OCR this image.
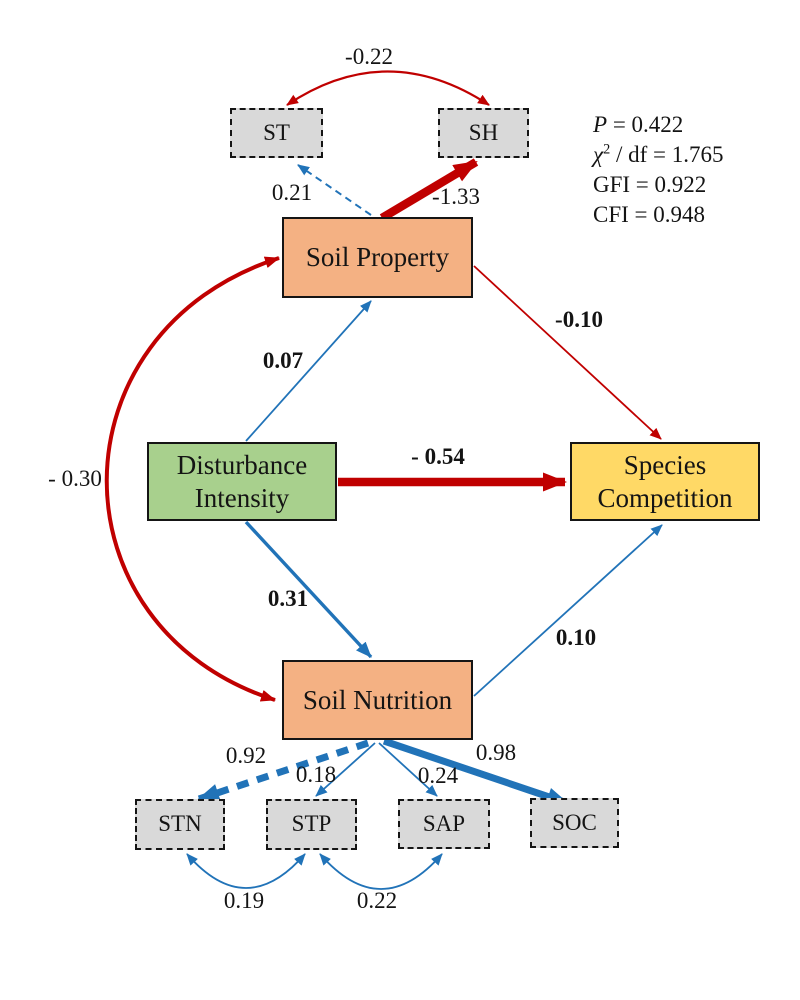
ST	SH
Soil Property
Disturbance
Intensity
Species
Competition
Soil Nutrition
STN	STP	SAP	SOC
-0.22
0.21	-1.33
0.07
- 0.54
0.31
-0.10
0.10
- 0.30
0.92
0.18	0.24
0.98
0.19	0.22
P = 0.422
$\chi^2$ / df = 1.765
GFI = 0.922
CFI = 0.948
